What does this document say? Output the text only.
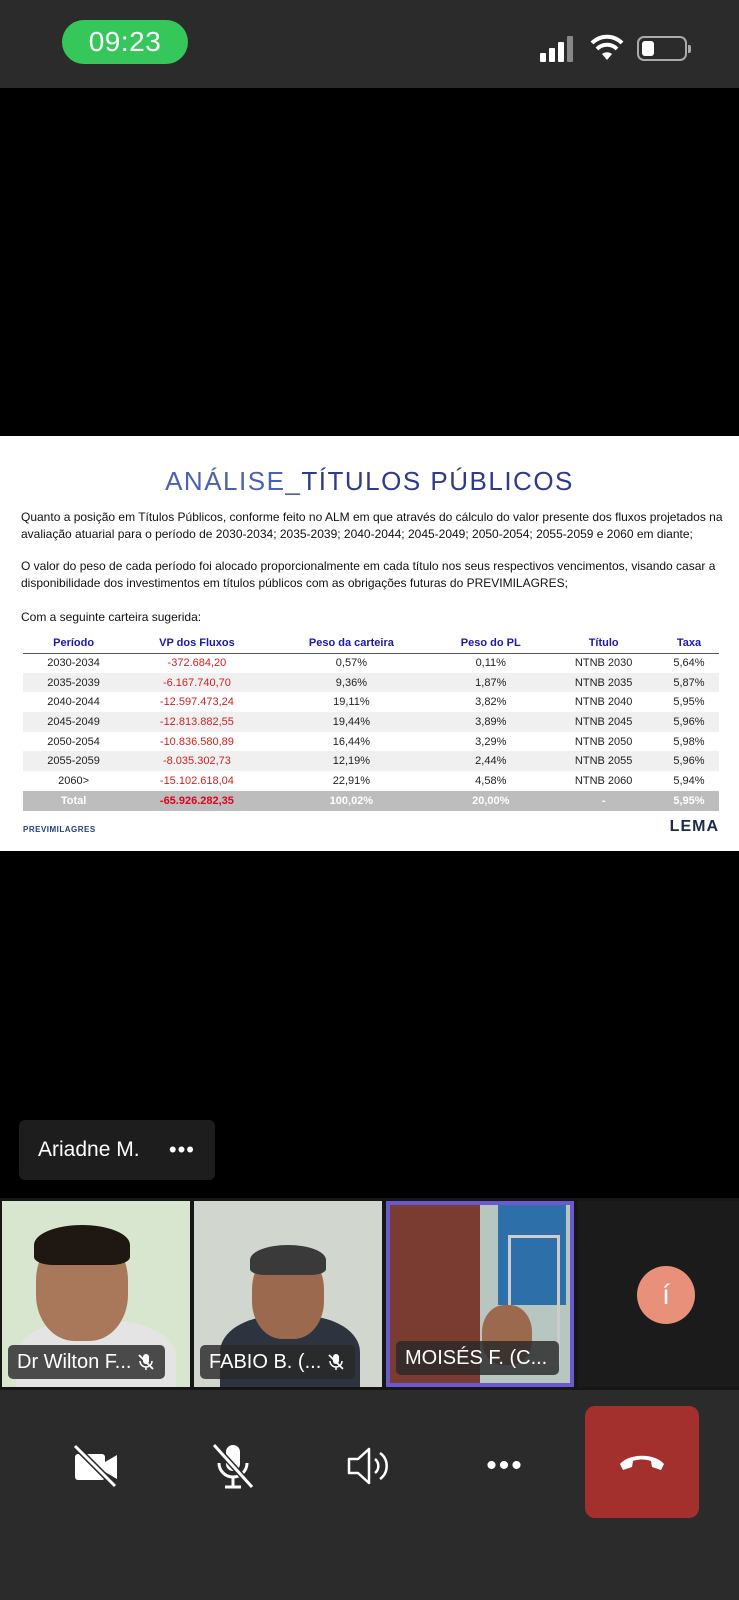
09:23
ANÁLISE_TÍTULOS PÚBLICOS
Quanto a posição em Títulos Públicos, conforme feito no ALM em que através do cálculo do valor presente dos fluxos projetados na avaliação atuarial para o período de 2030-2034; 2035-2039; 2040-2044; 2045-2049; 2050-2054; 2055-2059 e 2060 em diante;
O valor do peso de cada período foi alocado proporcionalmente em cada título nos seus respectivos vencimentos, visando casar a disponibilidade dos investimentos em títulos públicos com as obrigações futuras do PREVIMILAGRES;
Com a seguinte carteira sugerida:
Período	VP dos Fluxos	Peso da carteira	Peso do PL	Título	Taxa
2030-2034	-372.684,20	0,57%	0,11%	NTNB 2030	5,64%
2035-2039	-6.167.740,70	9,36%	1,87%	NTNB 2035	5,87%
2040-2044	-12.597.473,24	19,11%	3,82%	NTNB 2040	5,95%
2045-2049	-12.813.882,55	19,44%	3,89%	NTNB 2045	5,96%
2050-2054	-10.836.580,89	16,44%	3,29%	NTNB 2050	5,98%
2055-2059	-8.035.302,73	12,19%	2,44%	NTNB 2055	5,96%
2060>	-15.102.618,04	22,91%	4,58%	NTNB 2060	5,94%
Total	-65.926.282,35	100,02%	20,00%	-	5,95%
PREVIMILAGRES	LEMA
Ariadne M. •••
Dr Wilton F...	FABIO B. (...	MOISÉS F. (C...
í
•••
